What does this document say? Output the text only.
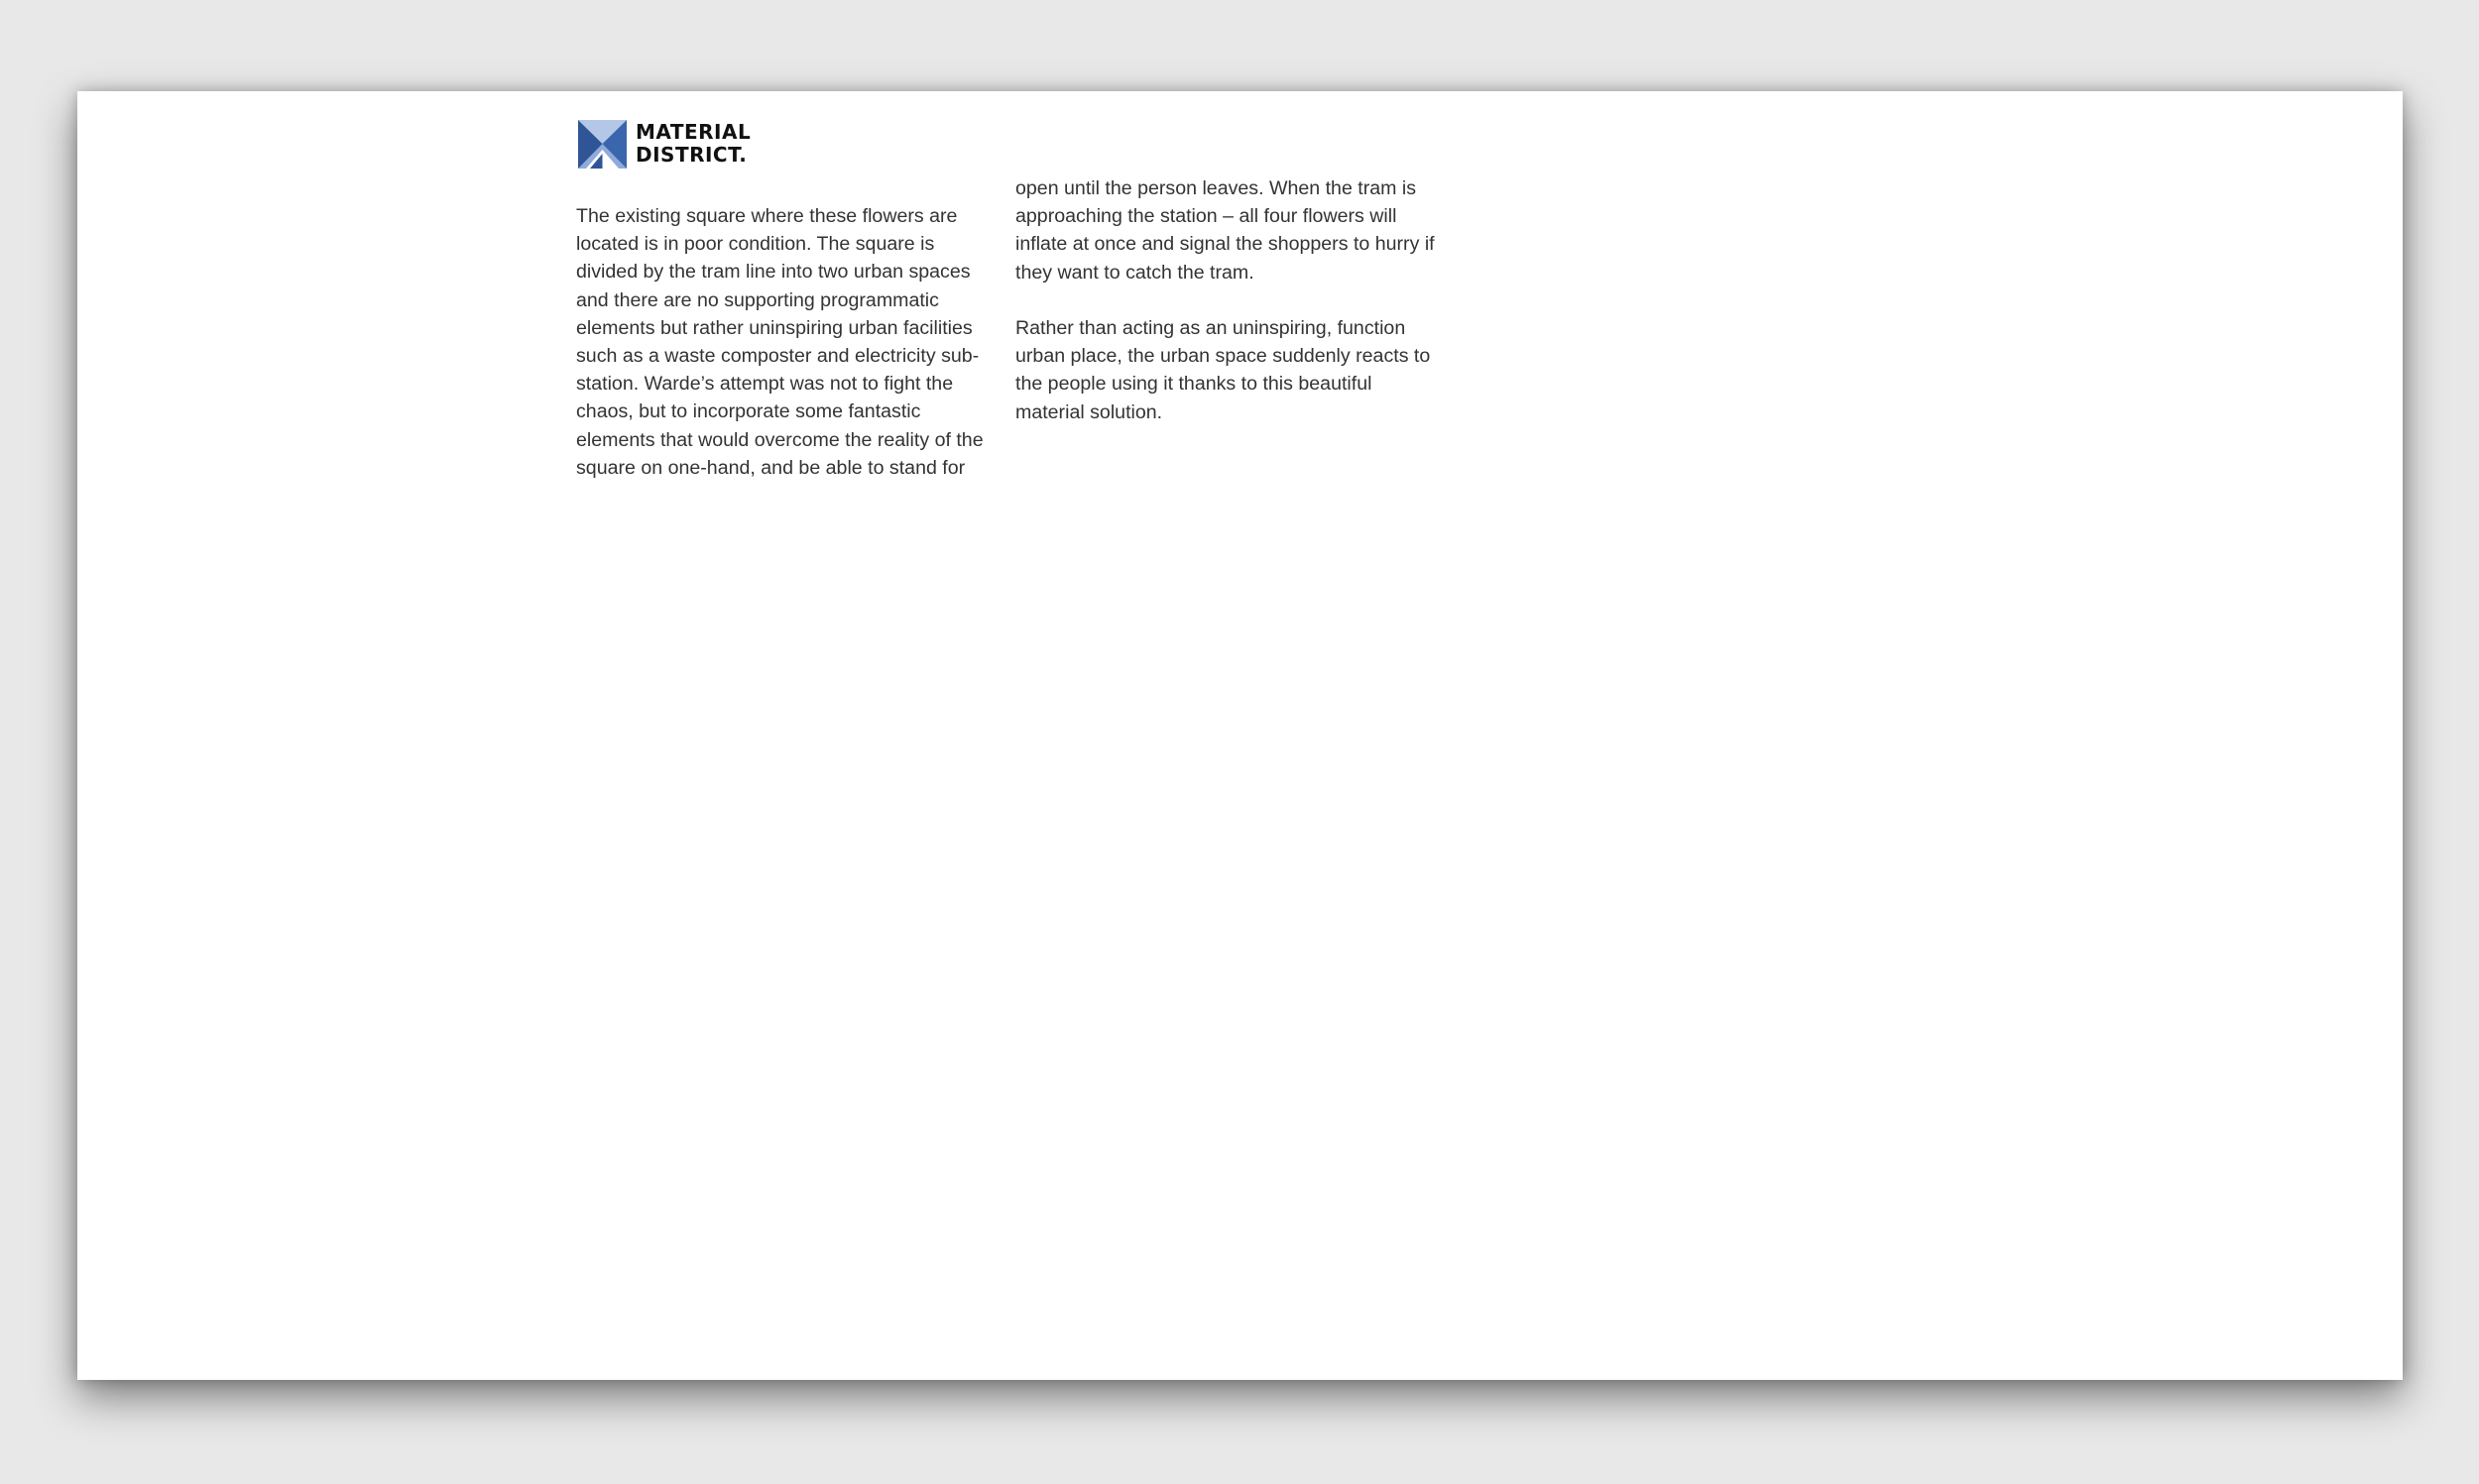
MATERIAL
DISTRICT.

The existing square where these flowers are located is in poor condition. The square is divided by the tram line into two urban spaces and there are no supporting programmatic elements but rather uninspiring urban facilities such as a waste composter and electricity sub-station. Warde’s attempt was not to fight the chaos, but to incorporate some fantastic elements that would overcome the reality of the square on one-hand, and be able to stand for

open until the person leaves. When the tram is approaching the station – all four flowers will inflate at once and signal the shoppers to hurry if they want to catch the tram.

Rather than acting as an uninspiring, function urban place, the urban space suddenly reacts to the people using it thanks to this beautiful material solution.
